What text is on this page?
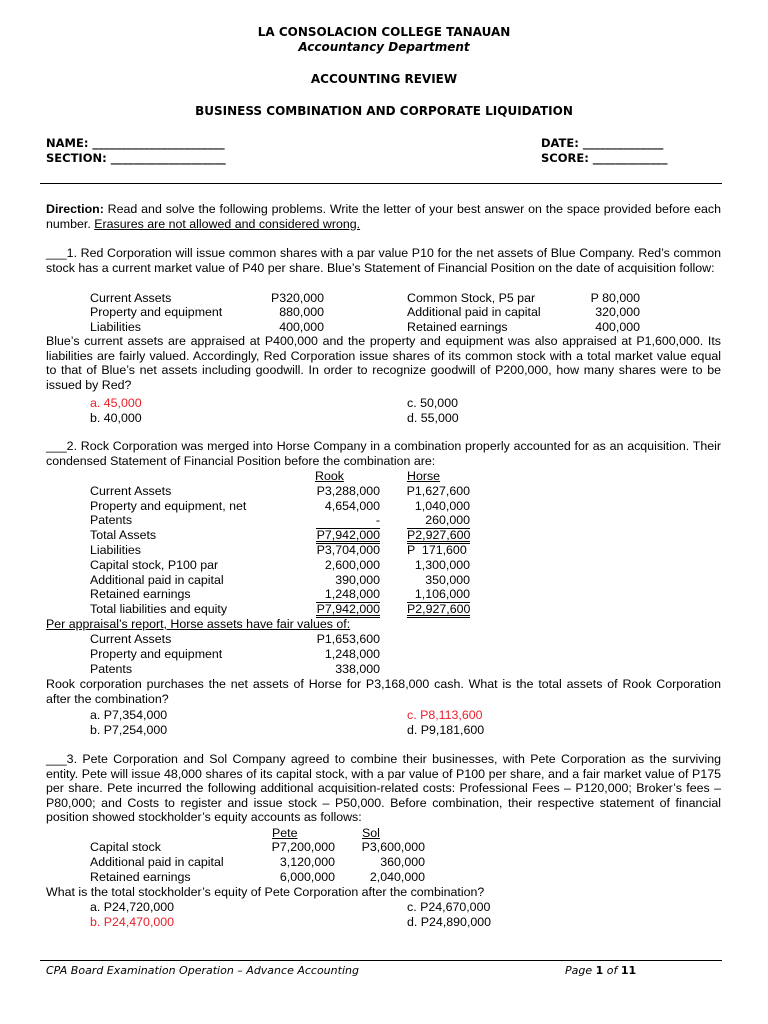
LA CONSOLACION COLLEGE TANAUAN
Accountancy Department
ACCOUNTING REVIEW
BUSINESS COMBINATION AND CORPORATE LIQUIDATION
NAME: _______________________
SECTION: ____________________
DATE: ______________
SCORE: _____________
Direction: Read and solve the following problems. Write the letter of your best answer on the space provided before each number. Erasures are not allowed and considered wrong.
___1. Red Corporation will issue common shares with a par value P10 for the net assets of Blue Company. Red’s common stock has a current market value of P40 per share. Blue’s Statement of Financial Position on the date of acquisition follow:
Current Assets	P320,000	Common Stock, P5 par	P 80,000
Property and equipment	880,000	Additional paid in capital	320,000
Liabilities	400,000	Retained earnings	400,000
Blue’s current assets are appraised at P400,000 and the property and equipment was also appraised at P1,600,000. Its liabilities are fairly valued. Accordingly, Red Corporation issue shares of its common stock with a total market value equal to that of Blue’s net assets including goodwill. In order to recognize goodwill of P200,000, how many shares were to be issued by Red?
a. 45,000
b. 40,000
c. 50,000
d. 55,000
___2. Rock Corporation was merged into Horse Company in a combination properly accounted for as an acquisition. Their condensed Statement of Financial Position before the combination are:
Rook	Horse
Current Assets	P3,288,000	P1,627,600
Property and equipment, net	4,654,000	1,040,000
Patents	-	260,000
Total Assets	P7,942,000 P2,927,600
Liabilities	P3,704,000 P  171,600
Capital stock, P100 par	2,600,000	1,300,000
Additional paid in capital	390,000	350,000
Retained earnings	1,248,000	1,106,000
Total liabilities and equity	P7,942,000 P2,927,600
Per appraisal’s report, Horse assets have fair values of:
Current Assets	P1,653,600
Property and equipment	1,248,000
Patents	338,000
Rook corporation purchases the net assets of Horse for P3,168,000 cash. What is the total assets of Rook Corporation after the combination?
a. P7,354,000
b. P7,254,000
c. P8,113,600
d. P9,181,600
___3. Pete Corporation and Sol Company agreed to combine their businesses, with Pete Corporation as the surviving entity. Pete will issue 48,000 shares of its capital stock, with a par value of P100 per share, and a fair market value of P175 per share. Pete incurred the following additional acquisition-related costs: Professional Fees – P120,000; Broker’s fees – P80,000; and Costs to register and issue stock – P50,000. Before combination, their respective statement of financial position showed stockholder’s equity accounts as follows:
Pete	Sol
Capital stock	P7,200,000	P3,600,000
Additional paid in capital	3,120,000	360,000
Retained earnings	6,000,000	2,040,000
What is the total stockholder’s equity of Pete Corporation after the combination?
a. P24,720,000
b. P24,470,000
c. P24,670,000
d. P24,890,000
CPA Board Examination Operation – Advance Accounting	Page 1 of 11
